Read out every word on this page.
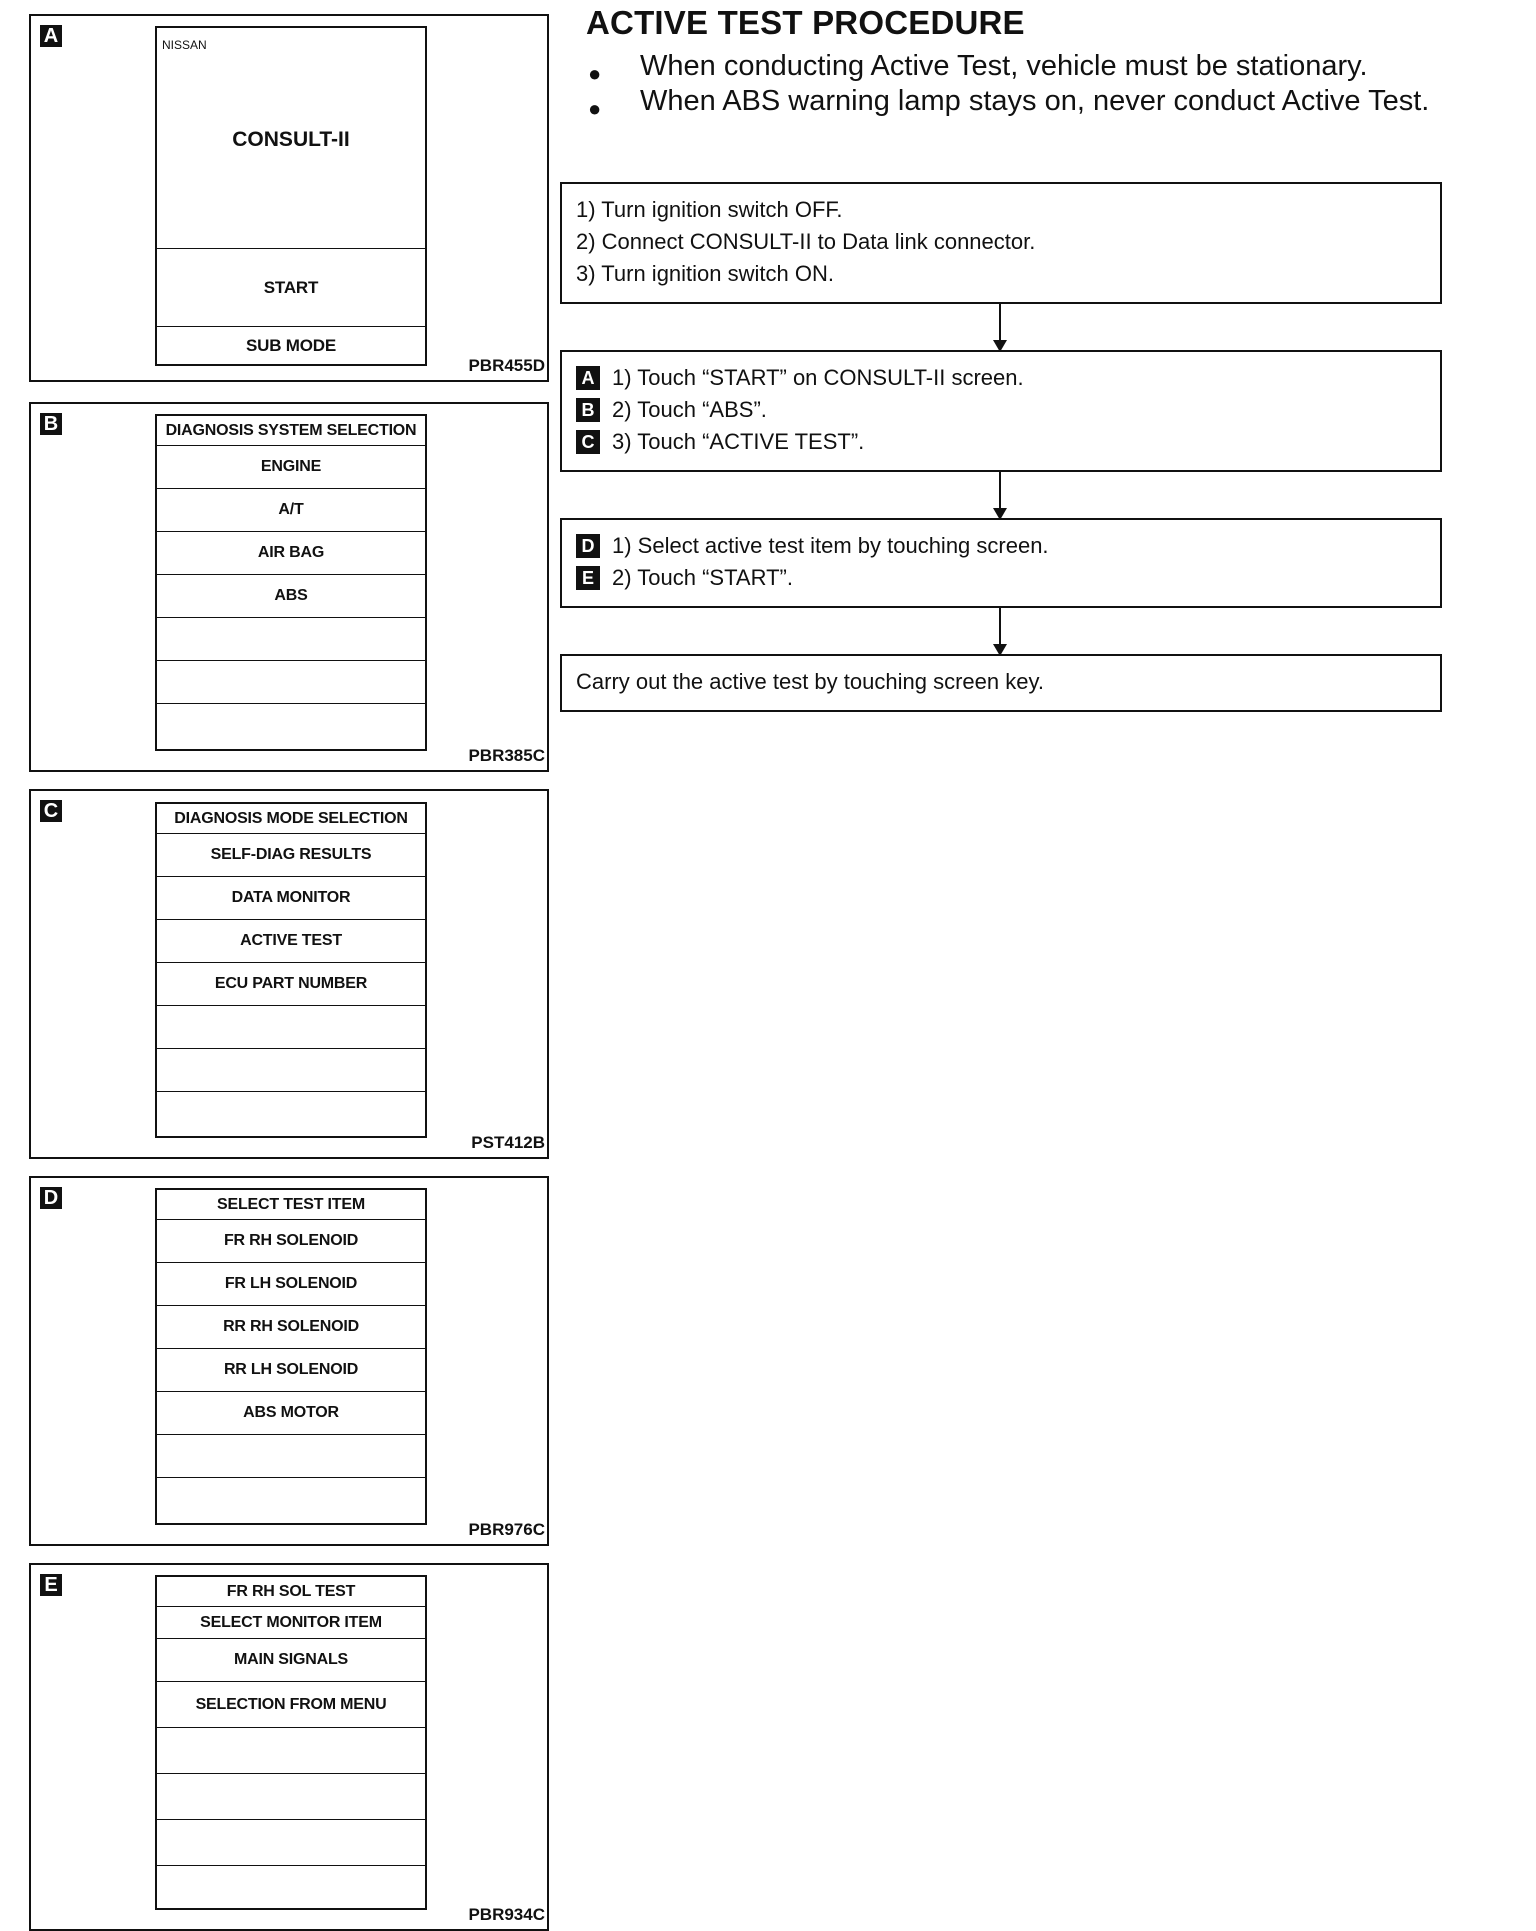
A	NISSAN
CONSULT-II
START
SUB MODE
PBR455D
B	DIAGNOSIS SYSTEM SELECTION
ENGINE
A/T
AIR BAG
ABS
PBR385C
C	DIAGNOSIS MODE SELECTION
SELF-DIAG RESULTS
DATA MONITOR
ACTIVE TEST
ECU PART NUMBER
PST412B
D	SELECT TEST ITEM
FR RH SOLENOID
FR LH SOLENOID
RR RH SOLENOID
RR LH SOLENOID
ABS MOTOR
PBR976C
E	FR RH SOL TEST
SELECT MONITOR ITEM
MAIN SIGNALS
SELECTION FROM MENU
PBR934C
ACTIVE TEST PROCEDURE
● When conducting Active Test, vehicle must be stationary.
● When ABS warning lamp stays on, never conduct Active Test.
1) Turn ignition switch OFF.
2) Connect CONSULT-II to Data link connector.
3) Turn ignition switch ON.
A 1) Touch “START” on CONSULT-II screen.
B 2) Touch “ABS”.
C 3) Touch “ACTIVE TEST”.
D 1) Select active test item by touching screen.
E 2) Touch “START”.
Carry out the active test by touching screen key.
